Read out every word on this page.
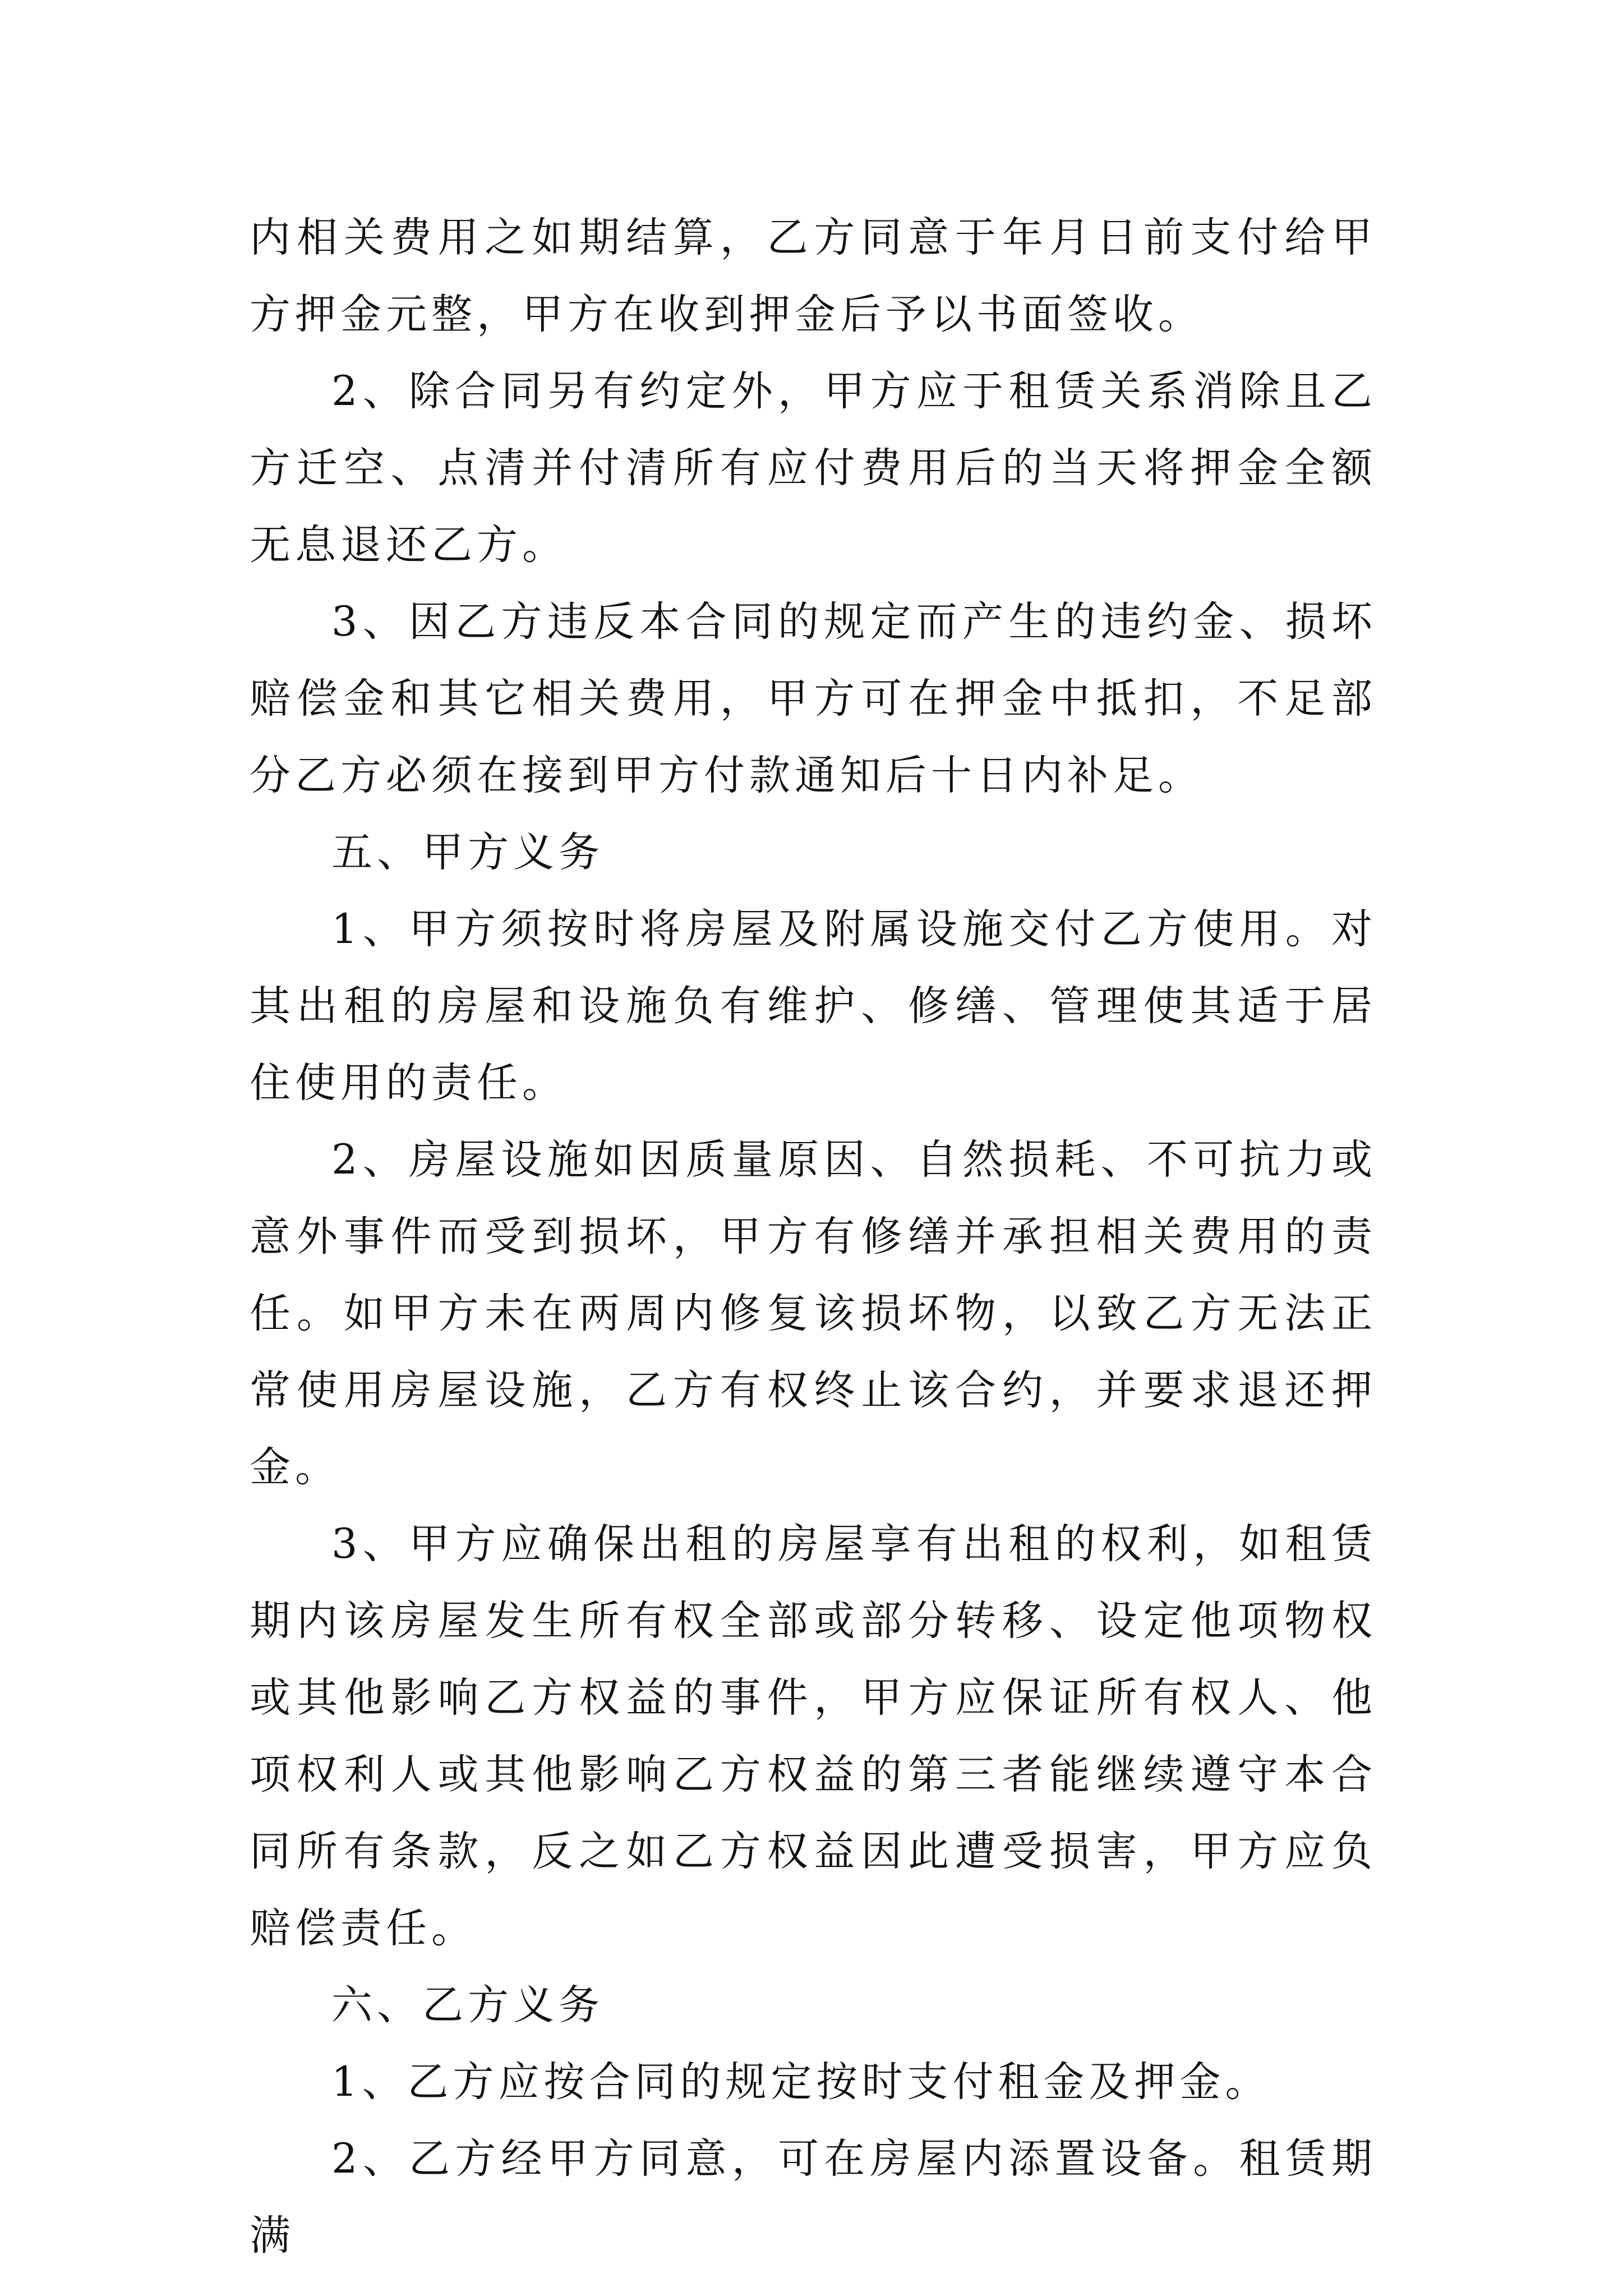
内相关费用之如期结算，乙方同意于年月日前支付给甲方押金元整，甲方在收到押金后予以书面签收。

2、除合同另有约定外，甲方应于租赁关系消除且乙方迁空、点清并付清所有应付费用后的当天将押金全额无息退还乙方。

3、因乙方违反本合同的规定而产生的违约金、损坏赔偿金和其它相关费用，甲方可在押金中抵扣，不足部分乙方必须在接到甲方付款通知后十日内补足。

五、甲方义务

1、甲方须按时将房屋及附属设施交付乙方使用。对其出租的房屋和设施负有维护、修缮、管理使其适于居住使用的责任。

2、房屋设施如因质量原因、自然损耗、不可抗力或意外事件而受到损坏，甲方有修缮并承担相关费用的责任。如甲方未在两周内修复该损坏物，以致乙方无法正常使用房屋设施，乙方有权终止该合约，并要求退还押金。

3、甲方应确保出租的房屋享有出租的权利，如租赁期内该房屋发生所有权全部或部分转移、设定他项物权或其他影响乙方权益的事件，甲方应保证所有权人、他项权利人或其他影响乙方权益的第三者能继续遵守本合同所有条款，反之如乙方权益因此遭受损害，甲方应负赔偿责任。

六、乙方义务

1、乙方应按合同的规定按时支付租金及押金。

2、乙方经甲方同意，可在房屋内添置设备。租赁期满
